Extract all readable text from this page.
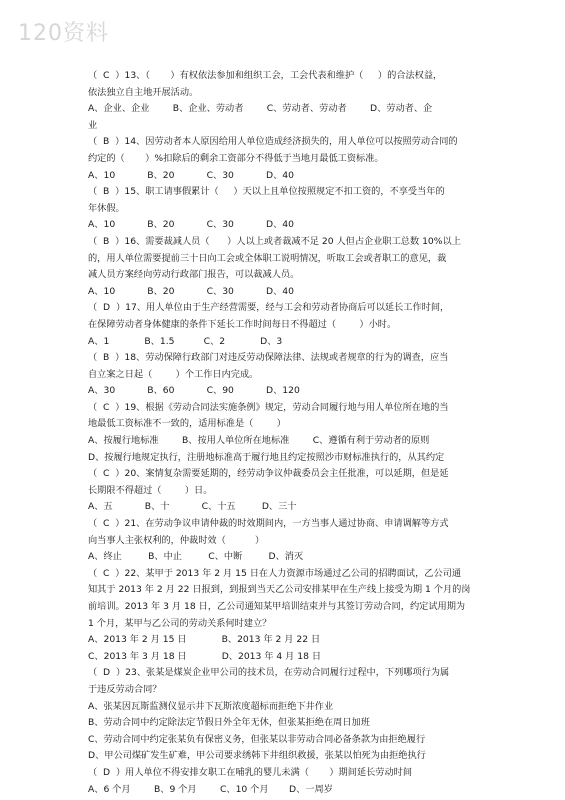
120资料
（  C  ）13、（       ）有权依法参加和组织工会，工会代表和维护（     ）的合法权益，
依法独立自主地开展活动。
A、企业、企业        B、企业、劳动者        C、劳动者、劳动者        D、劳动者、企
业
（  B  ）14、因劳动者本人原因给用人单位造成经济损失的，用人单位可以按照劳动合同的
约定的（       ）%扣除后的剩余工资部分不得低于当地月最低工资标准。
A、10           B、20           C、30           D、40
（  B  ）15、职工请事假累计（     ）天以上且单位按照规定不扣工资的，不享受当年的
年休假。
A、10           B、20           C、30           D、40
（  B  ）16、需要裁减人员（      ）人以上或者裁减不足 20 人但占企业职工总数 10%以上
的，用人单位需要提前三十日向工会或全体职工说明情况，听取工会或者职工的意见，裁
减人员方案经向劳动行政部门报告，可以裁减人员。
A、10           B、20           C、30           D、40
（  D  ）17、用人单位由于生产经营需要，经与工会和劳动者协商后可以延长工作时间，
在保障劳动者身体健康的条件下延长工作时间每日不得超过（        ）小时。
A、1            B、1.5          C、2            D、3
（  B  ）18、劳动保障行政部门对违反劳动保障法律、法规或者规章的行为的调查，应当
自立案之日起（        ）个工作日内完成。
A、30           B、60           C、90           D、120
（  C  ）19、根据《劳动合同法实施条例》规定，劳动合同履行地与用人单位所在地的当
地最低工资标准不一致的，适用标准是（        ）
A、按履行地标准        B、按用人单位所在地标准        C、遵循有利于劳动者的原则
D、按履行地规定执行，注册地标准高于履行地且约定按照沙市财标准执行的，从其约定
（  C  ）20、案情复杂需要延期的，经劳动争议仲裁委员会主任批准，可以延期，但是延
长期限不得超过（        ）日。
A、五           B、十           C、十五         D、三十
（  C  ）21、在劳动争议申请仲裁的时效期间内，一方当事人通过协商、申请调解等方式
向当事人主张权利的，仲裁时效（          ）
A、终止         B、中止         C、中断         D、消灭
（  C  ）22、某甲于 2013 年 2 月 15 日在人力资源市场通过乙公司的招聘面试，乙公司通
知其于 2013 年 2 月 22 日报到，到报到当天乙公司安排某甲在生产线上接受为期 1 个月的岗
前培训。2013 年 3 月 18 日，乙公司通知某甲培训结束并与其签订劳动合同，约定试用期为
1 个月，某甲与乙公司的劳动关系何时建立？
A、2013 年 2 月 15 日            B、2013 年 2 月 22 日
C、2013 年 3 月 18 日            D、2013 年 4 月 18 日
（  D  ）23、张某是煤炭企业甲公司的技术员，在劳动合同履行过程中，下列哪项行为属
于违反劳动合同？
A、张某因瓦斯监测仪显示井下瓦斯浓度超标而拒绝下井作业
B、劳动合同中约定除法定节假日外全年无休，但张某拒绝在周日加班
C、劳动合同中约定张某负有保密义务，但张某以非劳动合同必备条款为由拒绝履行
D、甲公司煤矿发生矿难，甲公司要求绣韩下井组织救援，张某以怕死为由拒绝执行
（  D  ）用人单位不得安排女职工在哺乳的婴儿未满（       ）期间延长劳动时间
A、6 个月        B、9 个月        C、10 个月       D、一周岁
